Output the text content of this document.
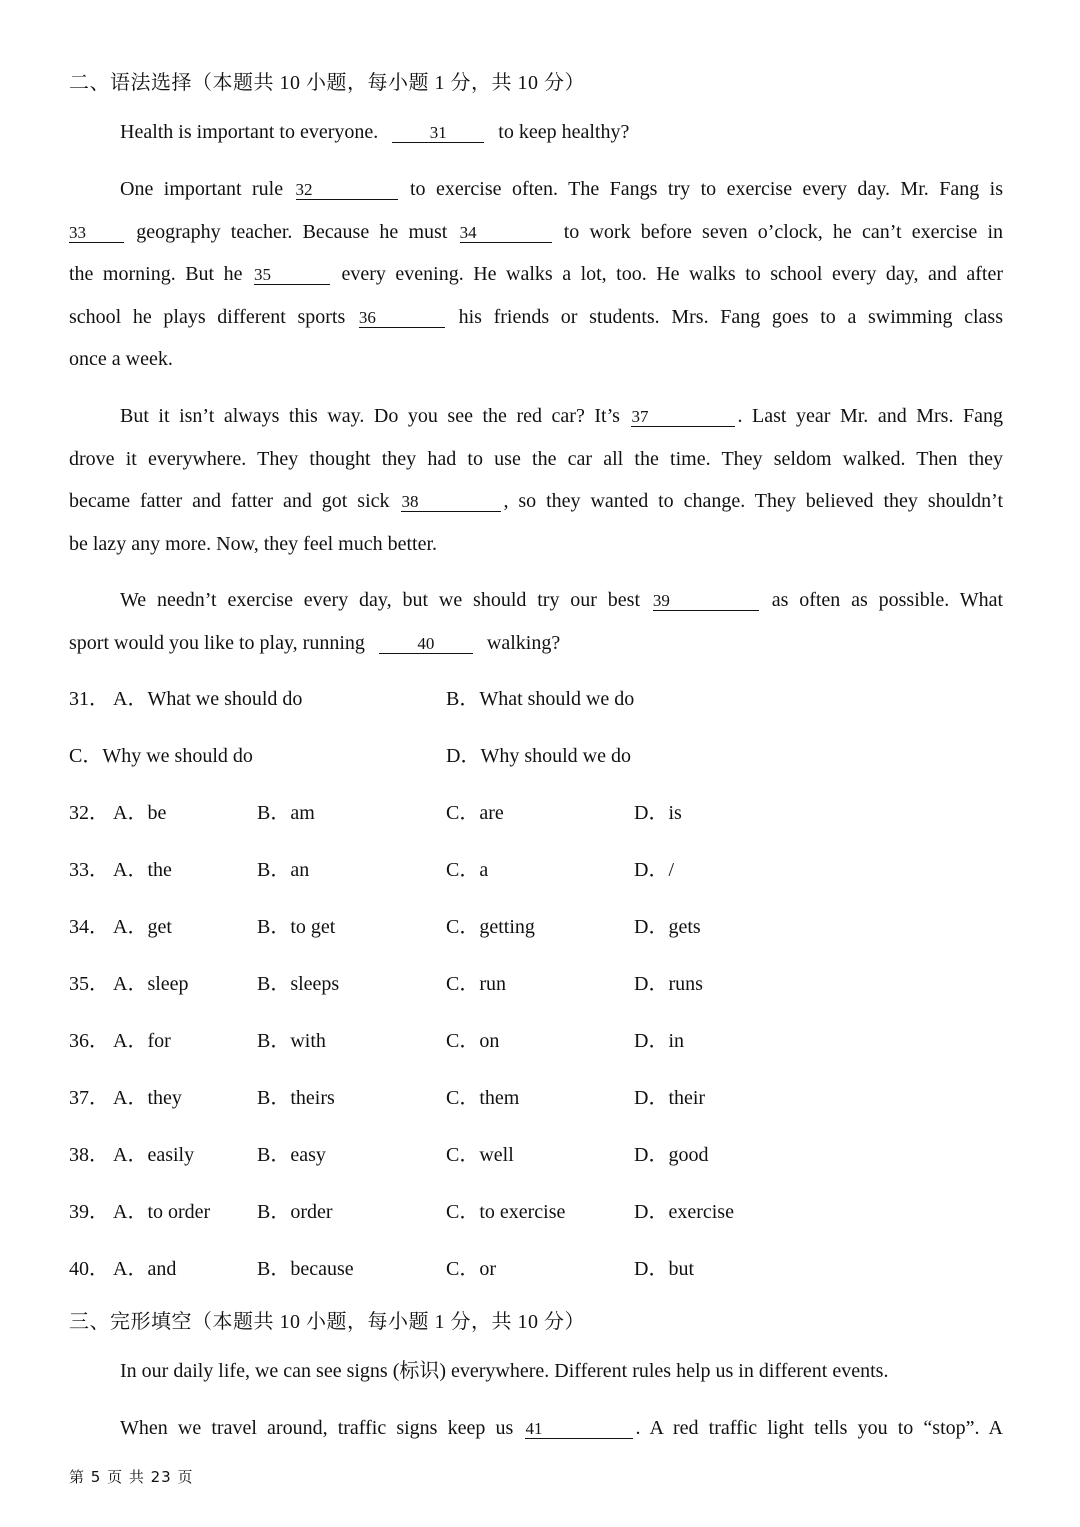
二、语法选择（本题共 10 小题，每小题 1 分，共 10 分）
Health is important to everyone.	31	to keep healthy?
One important rule 32	to exercise often. The Fangs try to exercise every day. Mr. Fang is
33	geography teacher. Because he must 34	to work before seven o’clock, he can’t exercise in
the morning. But he 35	every evening. He walks a lot, too. He walks to school every day, and after
school he plays different sports 36	his friends or students. Mrs. Fang goes to a swimming class
once a week.
But it isn’t always this way. Do you see the red car? It’s 37	. Last year Mr. and Mrs. Fang
drove it everywhere. They thought they had to use the car all the time. They seldom walked. Then they
became fatter and fatter and got sick 38	, so they wanted to change. They believed they shouldn’t
be lazy any more. Now, they feel much better.
We needn’t exercise every day, but we should try our best 39	as often as possible. What
sport would you like to play, running	40	walking?
31． A．What we should do	B．What should we do
C．Why we should do	D．Why should we do
32． A．be	B．am	C．are	D．is
33． A．the	B．an	C．a	D．/
34． A．get	B．to get	C．getting	D．gets
35． A．sleep	B．sleeps	C．run	D．runs
36． A．for	B．with	C．on	D．in
37． A．they	B．theirs	C．them	D．their
38． A．easily	B．easy	C．well	D．good
39． A．to order B．order	C．to exercise	D．exercise
40． A．and	B．because	C．or	D．but
三、完形填空（本题共 10 小题，每小题 1 分，共 10 分）
In our daily life, we can see signs (标识) everywhere. Different rules help us in different events.
When we travel around, traffic signs keep us 41	. A red traffic light tells you to “stop”. A
第 5 页 共 23 页
